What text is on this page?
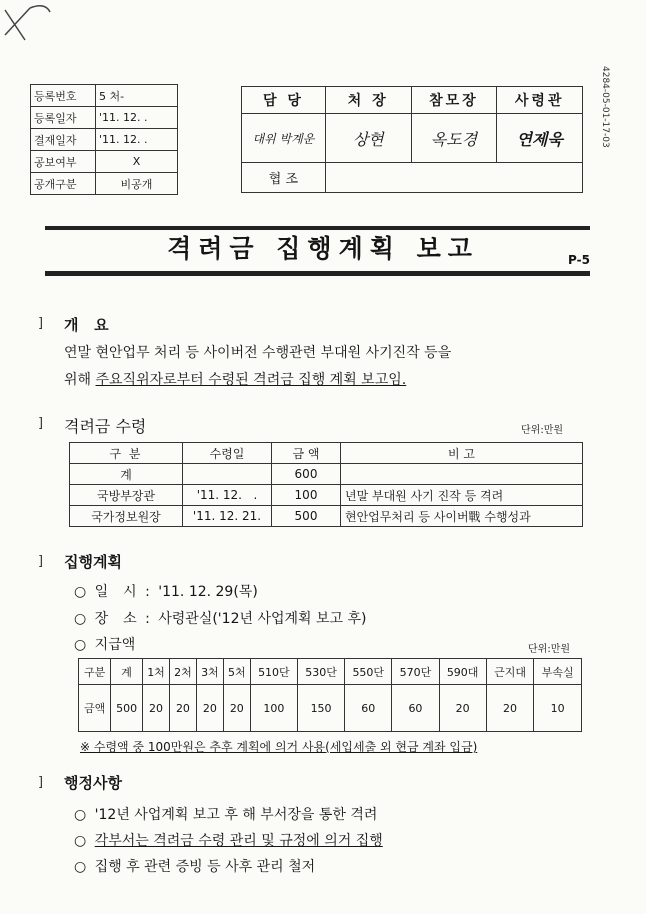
등록번호	5 처-
등록일자	'11. 12. .
결재일자	'11. 12. .
공보여부	X
공개구분	비공개
담 당	처 장	참모장	사령관
대위 박계운	상현	옥도경	연제욱
협 조			
4284-05-01-17-03
격려금 집행계획 보고	P-5
] 개   요
연말 현안업무 처리 등 사이버전 수행관련 부대원 사기진작 등을
위해 주요직위자로부터 수령된 격려금 집행 계획 보고임.
] 격려금 수령	단위:만원
구 분	수령일	금 액	비 고
계		600	
국방부장관	'11. 12.   .	100	년말 부대원 사기 진작 등 격려
국가정보원장	'11. 12. 21.	500	현안업무처리 등 사이버戰 수행성과
] 집행계획
○ 일  시 : '11. 12. 29(목)
○ 장  소 : 사령관실('12년 사업계획 보고 후)
○ 지급액	단위:만원
구분	계	1처	2처	3처	5처	510단	530단	550단	570단	590대	근지대	부속실
금액	500	20	20	20	20	100	150	60	60	20	20	10
※ 수령액 중 100만원은 추후 계획에 의거 사용(세입세출 외 현금 계좌 입금)
] 행정사항
○ '12년 사업계획 보고 후 해 부서장을 통한 격려
○ 각부서는 격려금 수령 관리 및 규정에 의거 집행
○ 집행 후 관련 증빙 등 사후 관리 철저
